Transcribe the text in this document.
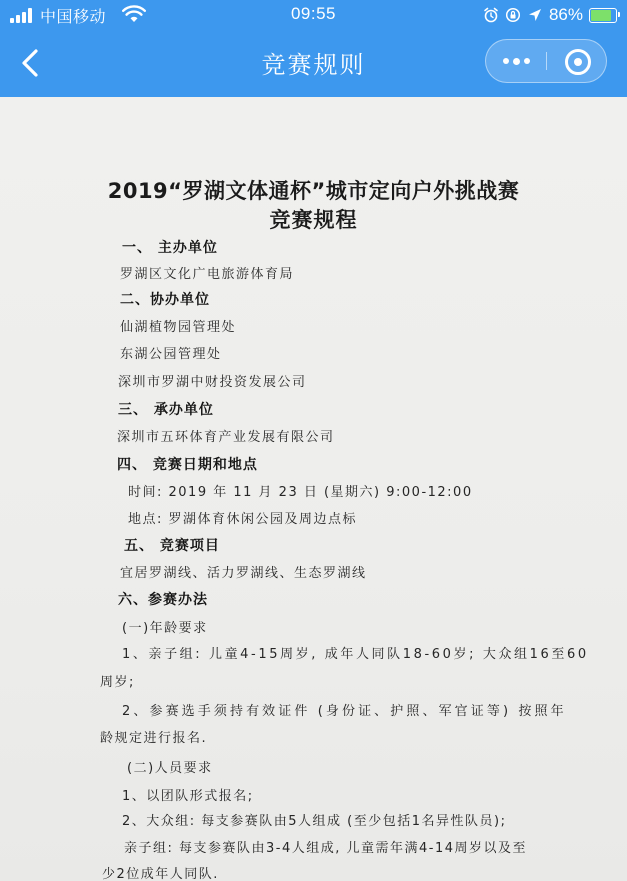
中国移动	09:55	86%
竞赛规则
2019“罗湖文体通杯”城市定向户外挑战赛
竞赛规程
一、 主办单位
罗湖区文化广电旅游体育局
二、协办单位
仙湖植物园管理处
东湖公园管理处
深圳市罗湖中财投资发展公司
三、 承办单位
深圳市五环体育产业发展有限公司
四、 竞赛日期和地点
时间: 2019 年 11 月 23 日 (星期六) 9:00-12:00
地点: 罗湖体育休闲公园及周边点标
五、 竞赛项目
宜居罗湖线、活力罗湖线、生态罗湖线
六、参赛办法
(一)年龄要求
1、亲子组: 儿童4-15周岁, 成年人同队18-60岁; 大众组16至60
周岁;
2、参赛选手须持有效证件 (身份证、护照、军官证等) 按照年
龄规定进行报名.
(二)人员要求
1、以团队形式报名;
2、大众组: 每支参赛队由5人组成 (至少包括1名异性队员);
亲子组: 每支参赛队由3-4人组成, 儿童需年满4-14周岁以及至
少2位成年人同队.
